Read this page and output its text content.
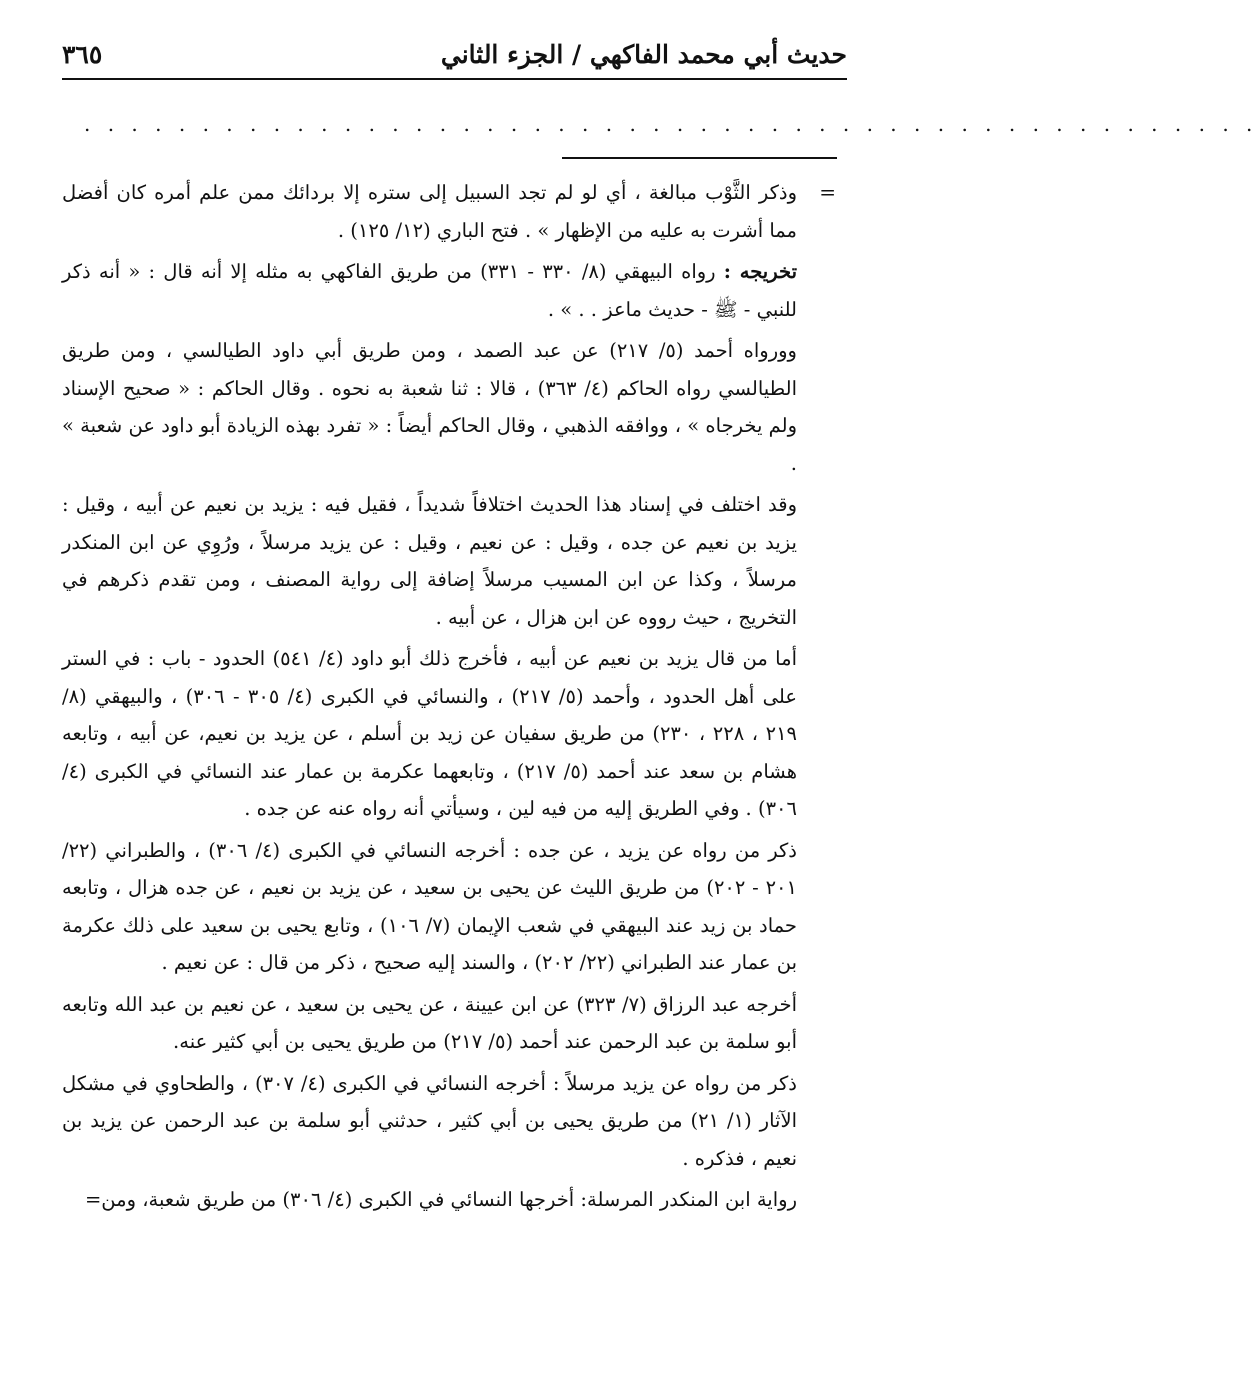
حديث أبي محمد الفاكهي / الجزء الثاني
٣٦٥
. . . . . . . . . . . . . . . . . . . . . . . . . . . . . . . . . . . . . . . . . . . . . . . . . .
=

وذكر الثَّوْب مبالغة ، أي لو لم تجد السبيل إلى ستره إلا بردائك ممن علم أمره كان أفضل مما أشرت به عليه من الإظهار » . فتح الباري (١٢/ ١٢٥) .

تخريجه : رواه البيهقي (٨/ ٣٣٠ - ٣٣١) من طريق الفاكهي به مثله إلا أنه قال : « أنه ذكر للنبي - ﷺ - حديث ماعز . . » .

وورواه أحمد (٥/ ٢١٧) عن عبد الصمد ، ومن طريق أبي داود الطيالسي ، ومن طريق الطيالسي رواه الحاكم (٤/ ٣٦٣) ، قالا : ثنا شعبة به نحوه . وقال الحاكم : « صحيح الإسناد ولم يخرجاه » ، ووافقه الذهبي ، وقال الحاكم أيضاً : « تفرد بهذه الزيادة أبو داود عن شعبة » .

وقد اختلف في إسناد هذا الحديث اختلافاً شديداً ، فقيل فيه : يزيد بن نعيم عن أبيه ، وقيل : يزيد بن نعيم عن جده ، وقيل : عن نعيم ، وقيل : عن يزيد مرسلاً ، ورُوِي عن ابن المنكدر مرسلاً ، وكذا عن ابن المسيب مرسلاً إضافة إلى رواية المصنف ، ومن تقدم ذكرهم في التخريج ، حيث رووه عن ابن هزال ، عن أبيه .

أما من قال يزيد بن نعيم عن أبيه ، فأخرج ذلك أبو داود (٤/ ٥٤١) الحدود - باب : في الستر على أهل الحدود ، وأحمد (٥/ ٢١٧) ، والنسائي في الكبرى (٤/ ٣٠٥ - ٣٠٦) ، والبيهقي (٨/ ٢١٩ ، ٢٢٨ ، ٢٣٠) من طريق سفيان عن زيد بن أسلم ، عن يزيد بن نعيم، عن أبيه ، وتابعه هشام بن سعد عند أحمد (٥/ ٢١٧) ، وتابعهما عكرمة بن عمار عند النسائي في الكبرى (٤/ ٣٠٦) . وفي الطريق إليه من فيه لين ، وسيأتي أنه رواه عنه عن جده .

ذكر من رواه عن يزيد ، عن جده : أخرجه النسائي في الكبرى (٤/ ٣٠٦) ، والطبراني (٢٢/ ٢٠١ - ٢٠٢) من طريق الليث عن يحيى بن سعيد ، عن يزيد بن نعيم ، عن جده هزال ، وتابعه حماد بن زيد عند البيهقي في شعب الإيمان (٧/ ١٠٦) ، وتابع يحيى بن سعيد على ذلك عكرمة بن عمار عند الطبراني (٢٢/ ٢٠٢) ، والسند إليه صحيح ، ذكر من قال : عن نعيم .

أخرجه عبد الرزاق (٧/ ٣٢٣) عن ابن عيينة ، عن يحيى بن سعيد ، عن نعيم بن عبد الله وتابعه أبو سلمة بن عبد الرحمن عند أحمد (٥/ ٢١٧) من طريق يحيى بن أبي كثير عنه.

ذكر من رواه عن يزيد مرسلاً : أخرجه النسائي في الكبرى (٤/ ٣٠٧) ، والطحاوي في مشكل الآثار (١/ ٢١) من طريق يحيى بن أبي كثير ، حدثني أبو سلمة بن عبد الرحمن عن يزيد بن نعيم ، فذكره .

رواية ابن المنكدر المرسلة: أخرجها النسائي في الكبرى (٤/ ٣٠٦) من طريق شعبة، ومن=
